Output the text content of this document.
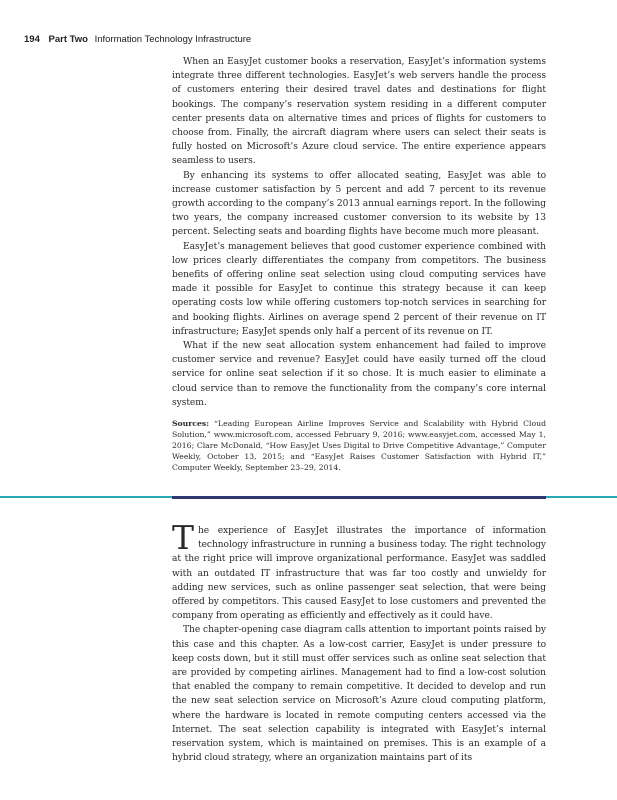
194 Part Two Information Technology Infrastructure

When an EasyJet customer books a reservation, EasyJet’s information systems integrate three different technologies. EasyJet’s web servers handle the process of customers entering their desired travel dates and destinations for flight bookings. The company’s reservation system residing in a different computer center presents data on alternative times and prices of flights for customers to choose from. Finally, the aircraft diagram where users can select their seats is fully hosted on Microsoft’s Azure cloud service. The entire experience appears seamless to users.

By enhancing its systems to offer allocated seating, EasyJet was able to increase customer satisfaction by 5 percent and add 7 percent to its revenue growth according to the company’s 2013 annual earnings report. In the following two years, the company increased customer conversion to its website by 13 percent. Selecting seats and boarding flights have become much more pleasant.

EasyJet’s management believes that good customer experience combined with low prices clearly differentiates the company from competitors. The business benefits of offering online seat selection using cloud computing services have made it possible for EasyJet to continue this strategy because it can keep operating costs low while offering customers top-notch services in searching for and booking flights. Airlines on average spend 2 percent of their revenue on IT infrastructure; EasyJet spends only half a percent of its revenue on IT.

What if the new seat allocation system enhancement had failed to improve customer service and revenue? EasyJet could have easily turned off the cloud service for online seat selection if it so chose. It is much easier to eliminate a cloud service than to remove the functionality from the company’s core internal system.

Sources: “Leading European Airline Improves Service and Scalability with Hybrid Cloud Solution,” www.microsoft.com, accessed February 9, 2016; www.easyjet.com, accessed May 1, 2016; Clare McDonald, “How EasyJet Uses Digital to Drive Competitive Advantage,” Computer Weekly, October 13, 2015; and “EasyJet Raises Customer Satisfaction with Hybrid IT,” Computer Weekly, September 23–29, 2014.

The experience of EasyJet illustrates the importance of information technology infrastructure in running a business today. The right technology at the right price will improve organizational performance. EasyJet was saddled with an outdated IT infrastructure that was far too costly and unwieldy for adding new services, such as online passenger seat selection, that were being offered by competitors. This caused EasyJet to lose customers and prevented the company from operating as efficiently and effectively as it could have.

The chapter-opening case diagram calls attention to important points raised by this case and this chapter. As a low-cost carrier, EasyJet is under pressure to keep costs down, but it still must offer services such as online seat selection that are provided by competing airlines. Management had to find a low-cost solution that enabled the company to remain competitive. It decided to develop and run the new seat selection service on Microsoft’s Azure cloud computing platform, where the hardware is located in remote computing centers accessed via the Internet. The seat selection capability is integrated with EasyJet’s internal reservation system, which is maintained on premises. This is an example of a hybrid cloud strategy, where an organization maintains part of its
